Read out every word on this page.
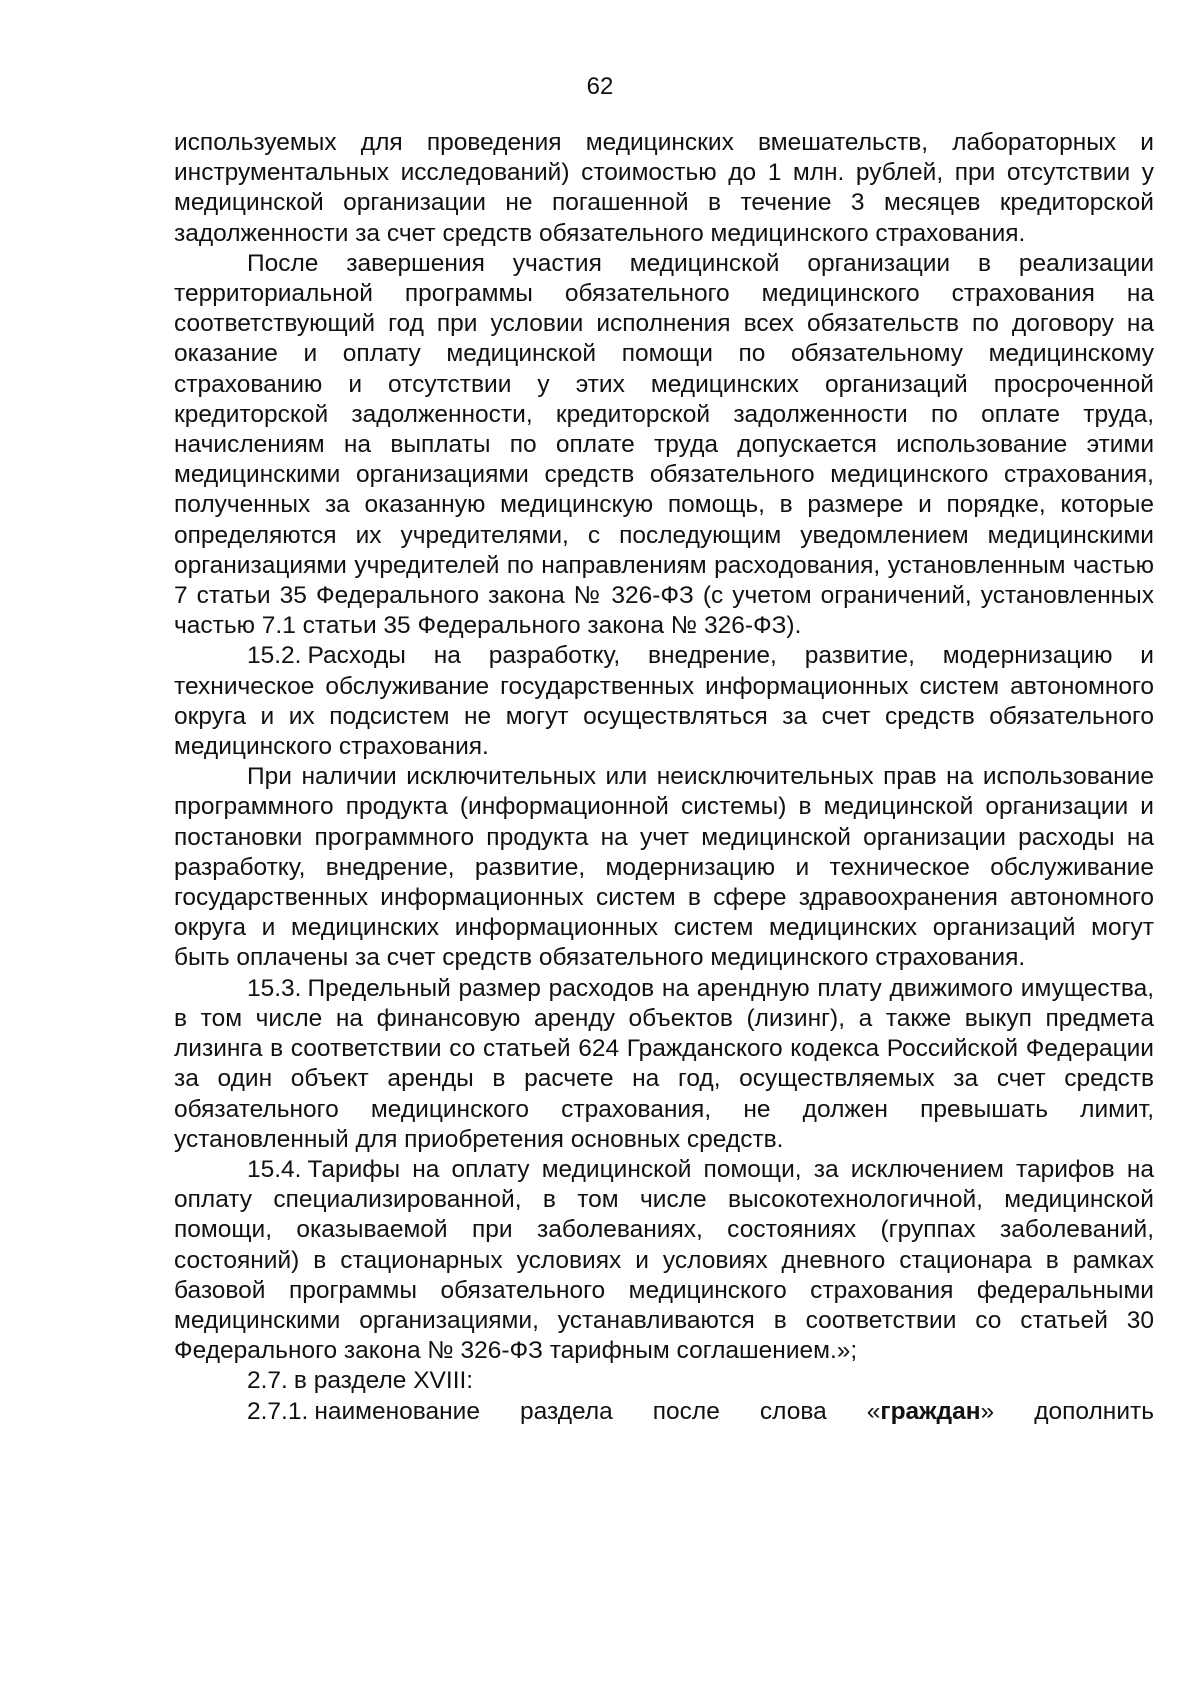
62

используемых для проведения медицинских вмешательств, лабораторных и инструментальных исследований) стоимостью до 1 млн. рублей, при отсутствии у медицинской организации не погашенной в течение 3 месяцев кредиторской задолженности за счет средств обязательного медицинского страхования.

После завершения участия медицинской организации в реализации территориальной программы обязательного медицинского страхования на соответствующий год при условии исполнения всех обязательств по договору на оказание и оплату медицинской помощи по обязательному медицинскому страхованию и отсутствии у этих медицинских организаций просроченной кредиторской задолженности, кредиторской задолженности по оплате труда, начислениям на выплаты по оплате труда допускается использование этими медицинскими организациями средств обязательного медицинского страхования, полученных за оказанную медицинскую помощь, в размере и порядке, которые определяются их учредителями, с последующим уведомлением медицинскими организациями учредителей по направлениям расходования, установленным частью 7 статьи 35 Федерального закона № 326-ФЗ (с учетом ограничений, установленных частью 7.1 статьи 35 Федерального закона № 326-ФЗ).

15.2. Расходы на разработку, внедрение, развитие, модернизацию и техническое обслуживание государственных информационных систем автономного округа и их подсистем не могут осуществляться за счет средств обязательного медицинского страхования.

При наличии исключительных или неисключительных прав на использование программного продукта (информационной системы) в медицинской организации и постановки программного продукта на учет медицинской организации расходы на разработку, внедрение, развитие, модернизацию и техническое обслуживание государственных информационных систем в сфере здравоохранения автономного округа и медицинских информационных систем медицинских организаций могут быть оплачены за счет средств обязательного медицинского страхования.

15.3. Предельный размер расходов на арендную плату движимого имущества, в том числе на финансовую аренду объектов (лизинг), а также выкуп предмета лизинга в соответствии со статьей 624 Гражданского кодекса Российской Федерации за один объект аренды в расчете на год, осуществляемых за счет средств обязательного медицинского страхования, не должен превышать лимит, установленный для приобретения основных средств.

15.4. Тарифы на оплату медицинской помощи, за исключением тарифов на оплату специализированной, в том числе высокотехнологичной, медицинской помощи, оказываемой при заболеваниях, состояниях (группах заболеваний, состояний) в стационарных условиях и условиях дневного стационара в рамках базовой программы обязательного медицинского страхования федеральными медицинскими организациями, устанавливаются в соответствии со статьей 30 Федерального закона № 326-ФЗ тарифным соглашением.»;

2.7. в разделе XVIII:

2.7.1. наименование раздела после слова «граждан» дополнить
